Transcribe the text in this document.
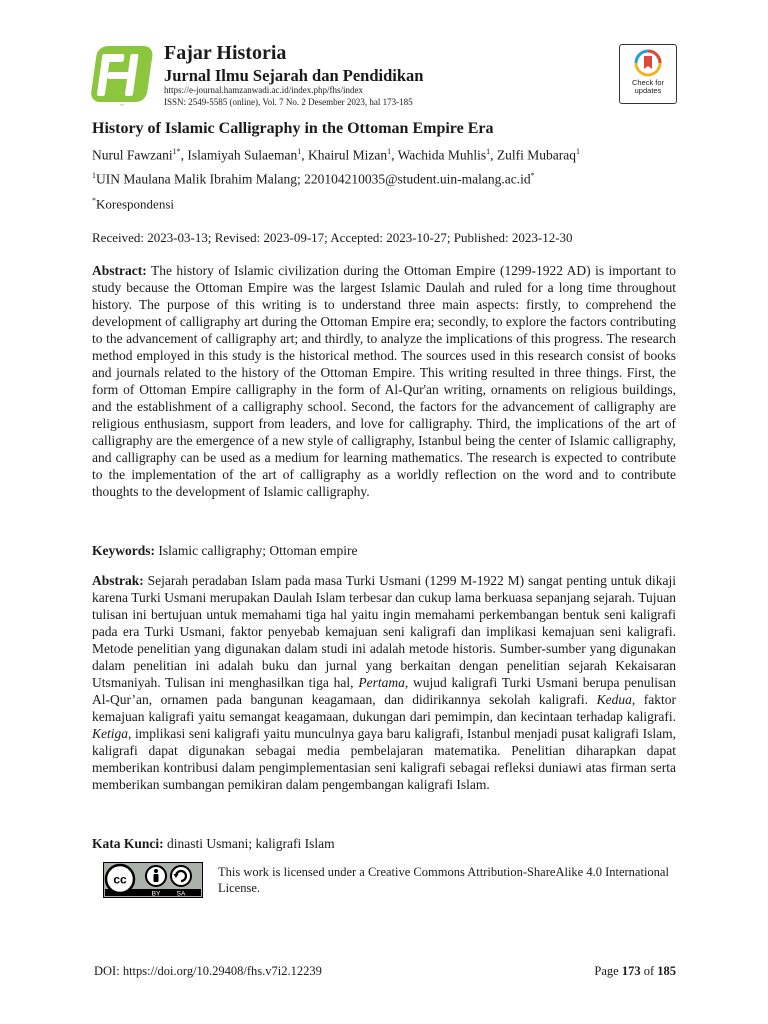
FH
Fajar Historia
Jurnal Ilmu Sejarah dan Pendidikan
https://e-journal.hamzanwadi.ac.id/index.php/fhs/index
ISSN: 2549-5585 (online), Vol. 7 No. 2 Desember 2023, hal 173-185
Check for updates
History of Islamic Calligraphy in the Ottoman Empire Era
Nurul Fawzani$^{1*}$, Islamiyah Sulaeman$^1$, Khairul Mizan$^1$, Wachida Muhlis$^1$, Zulfi Mubaraq$^1$
$^1$UIN Maulana Malik Ibrahim Malang; 220104210035@student.uin-malang.ac.id*
*Korespondensi
Received: 2023-03-13; Revised: 2023-09-17; Accepted: 2023-10-27; Published: 2023-12-30

Abstract: The history of Islamic civilization during the Ottoman Empire (1299-1922 AD) is important to study because the Ottoman Empire was the largest Islamic Daulah and ruled for a long time throughout history. The purpose of this writing is to understand three main aspects: firstly, to comprehend the development of calligraphy art during the Ottoman Empire era; secondly, to explore the factors contributing to the advancement of calligraphy art; and thirdly, to analyze the implications of this progress. The research method employed in this study is the historical method. The sources used in this research consist of books and journals related to the history of the Ottoman Empire. This writing resulted in three things. First, the form of Ottoman Empire calligraphy in the form of Al-Qur'an writing, ornaments on religious buildings, and the establishment of a calligraphy school. Second, the factors for the advancement of calligraphy are religious enthusiasm, support from leaders, and love for calligraphy. Third, the implications of the art of calligraphy are the emergence of a new style of calligraphy, Istanbul being the center of Islamic calligraphy, and calligraphy can be used as a medium for learning mathematics. The research is expected to contribute to the implementation of the art of calligraphy as a worldly reflection on the word and to contribute thoughts to the development of Islamic calligraphy.

Keywords: Islamic calligraphy; Ottoman empire

Abstrak: Sejarah peradaban Islam pada masa Turki Usmani (1299 M-1922 M) sangat penting untuk dikaji karena Turki Usmani merupakan Daulah Islam terbesar dan cukup lama berkuasa sepanjang sejarah. Tujuan tulisan ini bertujuan untuk memahami tiga hal yaitu ingin memahami perkembangan bentuk seni kaligrafi pada era Turki Usmani, faktor penyebab kemajuan seni kaligrafi dan implikasi kemajuan seni kaligrafi. Metode penelitian yang digunakan dalam studi ini adalah metode historis. Sumber-sumber yang digunakan dalam penelitian ini adalah buku dan jurnal yang berkaitan dengan penelitian sejarah Kekaisaran Utsmaniyah. Tulisan ini menghasilkan tiga hal, Pertama, wujud kaligrafi Turki Usmani berupa penulisan Al-Qur’an, ornamen pada bangunan keagamaan, dan didirikannya sekolah kaligrafi. Kedua, faktor kemajuan kaligrafi yaitu semangat keagamaan, dukungan dari pemimpin, dan kecintaan terhadap kaligrafi. Ketiga, implikasi seni kaligrafi yaitu munculnya gaya baru kaligrafi, Istanbul menjadi pusat kaligrafi Islam, kaligrafi dapat digunakan sebagai media pembelajaran matematika. Penelitian diharapkan dapat memberikan kontribusi dalam pengimplementasian seni kaligrafi sebagai refleksi duniawi atas firman serta memberikan sumbangan pemikiran dalam pengembangan kaligrafi Islam.

Kata Kunci: dinasti Usmani; kaligrafi Islam
cc
BY	SA
This work is licensed under a Creative Commons Attribution-ShareAlike 4.0 International License.
DOI: https://doi.org/10.29408/fhs.v7i2.12239	Page 173 of 185
